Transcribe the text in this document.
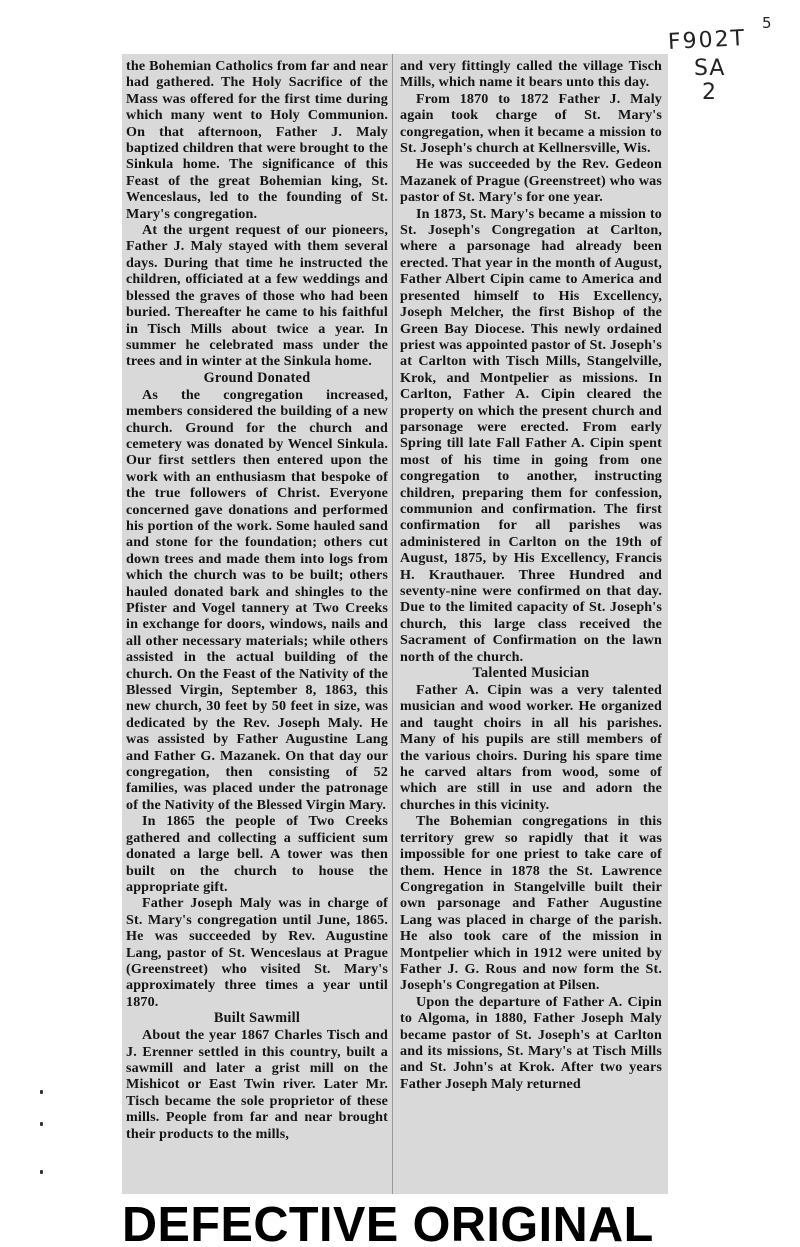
the Bohemian Catholics from far and near had gathered. The Holy Sacrifice of the Mass was offered for the first time during which many went to Holy Communion. On that afternoon, Father J. Maly baptized children that were brought to the Sinkula home. The significance of this Feast of the great Bohemian king, St. Wenceslaus, led to the founding of St. Mary's congregation.

At the urgent request of our pioneers, Father J. Maly stayed with them several days. During that time he instructed the children, officiated at a few weddings and blessed the graves of those who had been buried. Thereafter he came to his faithful in Tisch Mills about twice a year. In summer he celebrated mass under the trees and in winter at the Sinkula home.

Ground Donated

As the congregation increased, members considered the building of a new church. Ground for the church and cemetery was donated by Wencel Sinkula. Our first settlers then entered upon the work with an enthusiasm that bespoke of the true followers of Christ. Everyone concerned gave donations and performed his portion of the work. Some hauled sand and stone for the foundation; others cut down trees and made them into logs from which the church was to be built; others hauled donated bark and shingles to the Pfister and Vogel tannery at Two Creeks in exchange for doors, windows, nails and all other necessary materials; while others assisted in the actual building of the church. On the Feast of the Nativity of the Blessed Virgin, September 8, 1863, this new church, 30 feet by 50 feet in size, was dedicated by the Rev. Joseph Maly. He was assisted by Father Augustine Lang and Father G. Mazanek. On that day our congregation, then consisting of 52 families, was placed under the patronage of the Nativity of the Blessed Virgin Mary.

In 1865 the people of Two Creeks gathered and collecting a sufficient sum donated a large bell. A tower was then built on the church to house the appropriate gift.

Father Joseph Maly was in charge of St. Mary's congregation until June, 1865. He was succeeded by Rev. Augustine Lang, pastor of St. Wenceslaus at Prague (Greenstreet) who visited St. Mary's approximately three times a year until 1870.

Built Sawmill

About the year 1867 Charles Tisch and J. Erenner settled in this country, built a sawmill and later a grist mill on the Mishicot or East Twin river. Later Mr. Tisch became the sole proprietor of these mills. People from far and near brought their products to the mills,

and very fittingly called the village Tisch Mills, which name it bears unto this day.

From 1870 to 1872 Father J. Maly again took charge of St. Mary's congregation, when it became a mission to St. Joseph's church at Kellnersville, Wis.

He was succeeded by the Rev. Gedeon Mazanek of Prague (Greenstreet) who was pastor of St. Mary's for one year.

In 1873, St. Mary's became a mission to St. Joseph's Congregation at Carlton, where a parsonage had already been erected. That year in the month of August, Father Albert Cipin came to America and presented himself to His Excellency, Joseph Melcher, the first Bishop of the Green Bay Diocese. This newly ordained priest was appointed pastor of St. Joseph's at Carlton with Tisch Mills, Stangelville, Krok, and Montpelier as missions. In Carlton, Father A. Cipin cleared the property on which the present church and parsonage were erected. From early Spring till late Fall Father A. Cipin spent most of his time in going from one congregation to another, instructing children, preparing them for confession, communion and confirmation. The first confirmation for all parishes was administered in Carlton on the 19th of August, 1875, by His Excellency, Francis H. Krauthauer. Three Hundred and seventy-nine were confirmed on that day. Due to the limited capacity of St. Joseph's church, this large class received the Sacrament of Confirmation on the lawn north of the church.

Talented Musician

Father A. Cipin was a very talented musician and wood worker. He organized and taught choirs in all his parishes. Many of his pupils are still members of the various choirs. During his spare time he carved altars from wood, some of which are still in use and adorn the churches in this vicinity.

The Bohemian congregations in this territory grew so rapidly that it was impossible for one priest to take care of them. Hence in 1878 the St. Lawrence Congregation in Stangelville built their own parsonage and Father Augustine Lang was placed in charge of the parish. He also took care of the mission in Montpelier which in 1912 were united by Father J. G. Rous and now form the St. Joseph's Congregation at Pilsen.

Upon the departure of Father A. Cipin to Algoma, in 1880, Father Joseph Maly became pastor of St. Joseph's at Carlton and its missions, St. Mary's at Tisch Mills and St. John's at Krok. After two years Father Joseph Maly returned

5
F902T
SA
2
DEFECTIVE ORIGINAL
